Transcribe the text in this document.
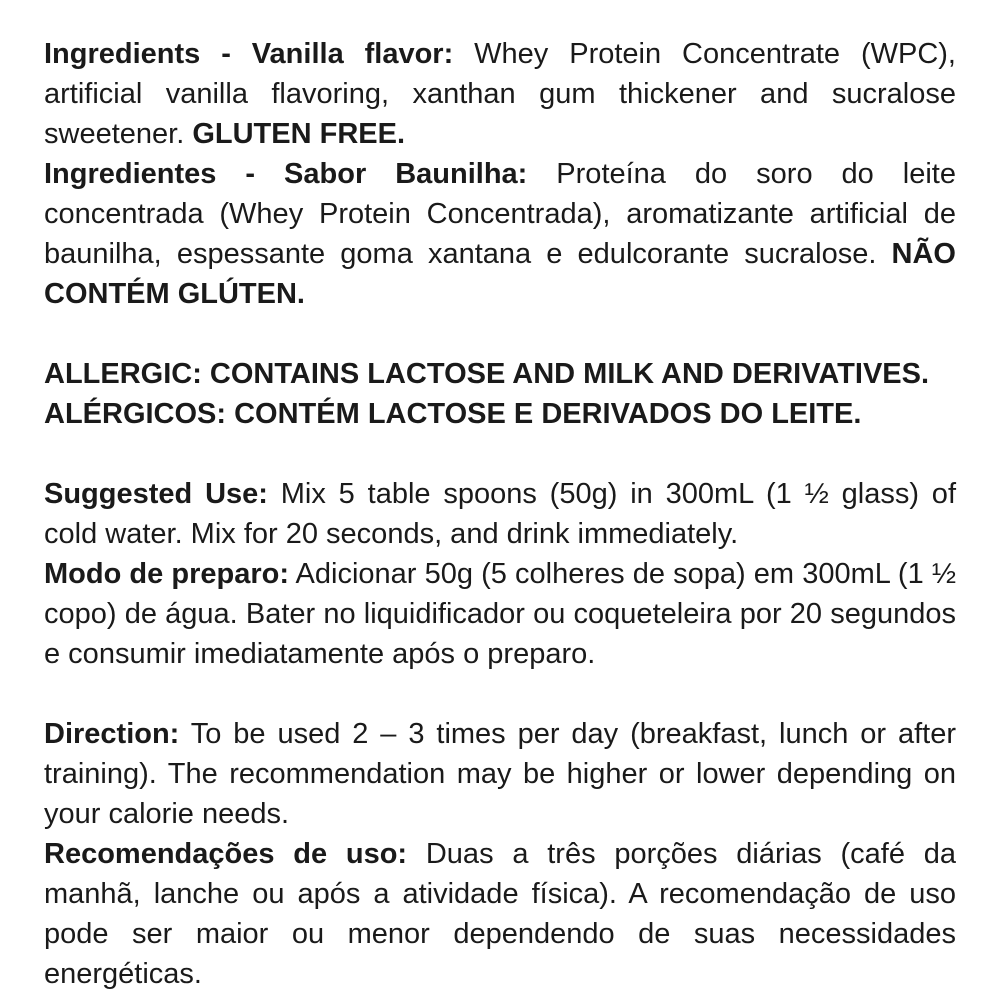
Ingredients - Vanilla flavor: Whey Protein Concentrate (WPC), artificial vanilla flavoring, xanthan gum thickener and sucralose sweetener. GLUTEN FREE.

Ingredientes - Sabor Baunilha: Proteína do soro do leite concentrada (Whey Protein Concentrada), aromatizante artificial de baunilha, espessante goma xantana e edulcorante sucralose. NÃO CONTÉM GLÚTEN.

ALLERGIC: CONTAINS LACTOSE AND MILK AND DERIVATIVES.

ALÉRGICOS: CONTÉM LACTOSE E DERIVADOS DO LEITE.

Suggested Use: Mix 5 table spoons (50g) in 300mL (1 ½ glass) of cold water. Mix for 20 seconds, and drink immediately.

Modo de preparo: Adicionar 50g (5 colheres de sopa) em 300mL (1 ½ copo) de água. Bater no liquidificador ou coqueteleira por 20 segundos e consumir imediatamente após o preparo.

Direction: To be used 2 – 3 times per day (breakfast, lunch or after training). The recommendation may be higher or lower depending on your calorie needs.

Recomendações de uso: Duas a três porções diárias (café da manhã, lanche ou após a atividade física). A recomendação de uso pode ser maior ou menor dependendo de suas necessidades energéticas.
